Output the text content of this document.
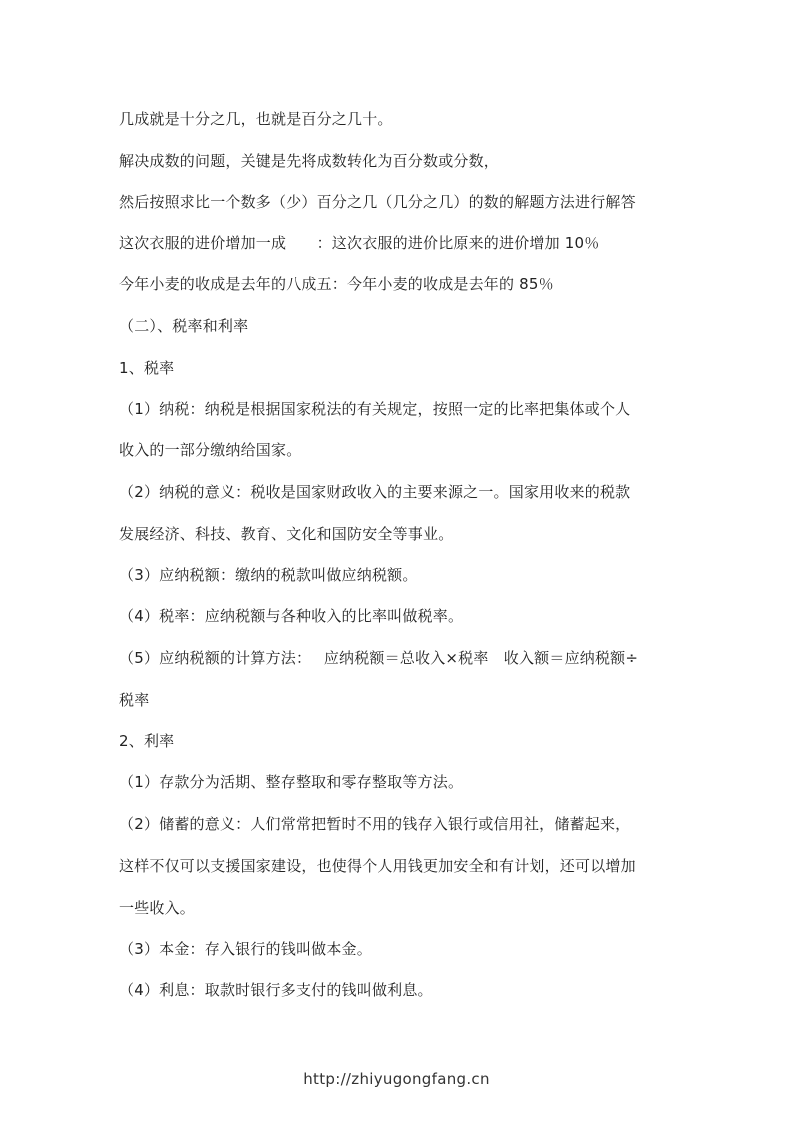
几成就是十分之几，也就是百分之几十。
解决成数的问题，关键是先将成数转化为百分数或分数，
然后按照求比一个数多（少）百分之几（几分之几）的数的解题方法进行解答
这次衣服的进价增加一成　　：这次衣服的进价比原来的进价增加 10％
今年小麦的收成是去年的八成五：今年小麦的收成是去年的 85％
（二）、税率和利率
1、税率
（1）纳税：纳税是根据国家税法的有关规定，按照一定的比率把集体或个人
收入的一部分缴纳给国家。
（2）纳税的意义：税收是国家财政收入的主要来源之一。国家用收来的税款
发展经济、科技、教育、文化和国防安全等事业。
（3）应纳税额：缴纳的税款叫做应纳税额。
（4）税率：应纳税额与各种收入的比率叫做税率。
（5）应纳税额的计算方法：　 应纳税额＝总收入×税率　收入额＝应纳税额÷
税率
2、利率
（1）存款分为活期、整存整取和零存整取等方法。
（2）储蓄的意义：人们常常把暂时不用的钱存入银行或信用社，储蓄起来，
这样不仅可以支援国家建设，也使得个人用钱更加安全和有计划，还可以增加
一些收入。
（3）本金：存入银行的钱叫做本金。
（4）利息：取款时银行多支付的钱叫做利息。
http://zhiyugongfang.cn
